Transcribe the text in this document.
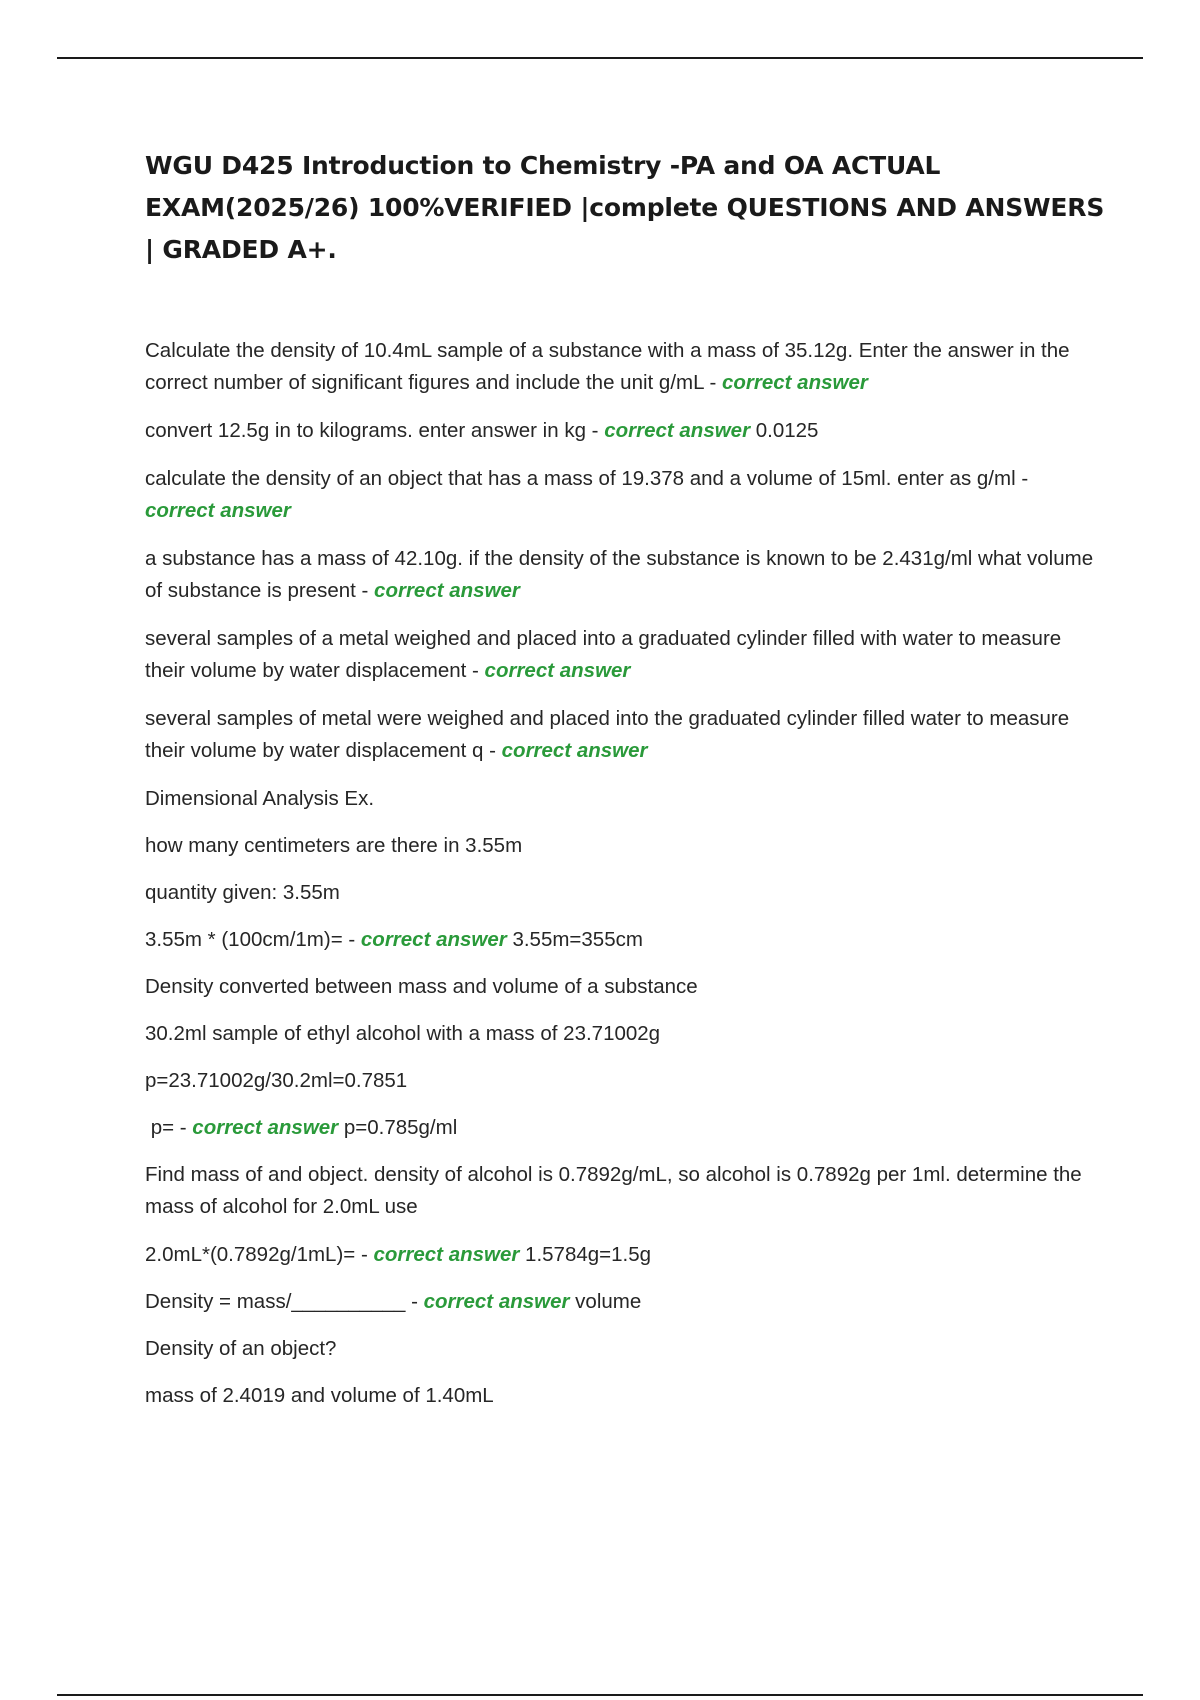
WGU D425 Introduction to Chemistry -PA and OA ACTUAL EXAM(2025/26) 100%VERIFIED |complete QUESTIONS AND ANSWERS | GRADED A+.

Calculate the density of 10.4mL sample of a substance with a mass of 35.12g. Enter the answer in the correct number of significant figures and include the unit g/mL - correct answer

convert 12.5g in to kilograms. enter answer in kg - correct answer 0.0125

calculate the density of an object that has a mass of 19.378 and a volume of 15ml. enter as g/ml - correct answer

a substance has a mass of 42.10g. if the density of the substance is known to be 2.431g/ml what volume of substance is present - correct answer

several samples of a metal weighed and placed into a graduated cylinder filled with water to measure their volume by water displacement - correct answer

several samples of metal were weighed and placed into the graduated cylinder filled water to measure their volume by water displacement q - correct answer

Dimensional Analysis Ex.

how many centimeters are there in 3.55m

quantity given: 3.55m

3.55m * (100cm/1m)= - correct answer 3.55m=355cm

Density converted between mass and volume of a substance

30.2ml sample of ethyl alcohol with a mass of 23.71002g

p=23.71002g/30.2ml=0.7851

p= - correct answer p=0.785g/ml

Find mass of and object. density of alcohol is 0.7892g/mL, so alcohol is 0.7892g per 1ml. determine the mass of alcohol for 2.0mL use

2.0mL*(0.7892g/1mL)= - correct answer 1.5784g=1.5g

Density = mass/__________ - correct answer volume

Density of an object?

mass of 2.4019 and volume of 1.40mL
